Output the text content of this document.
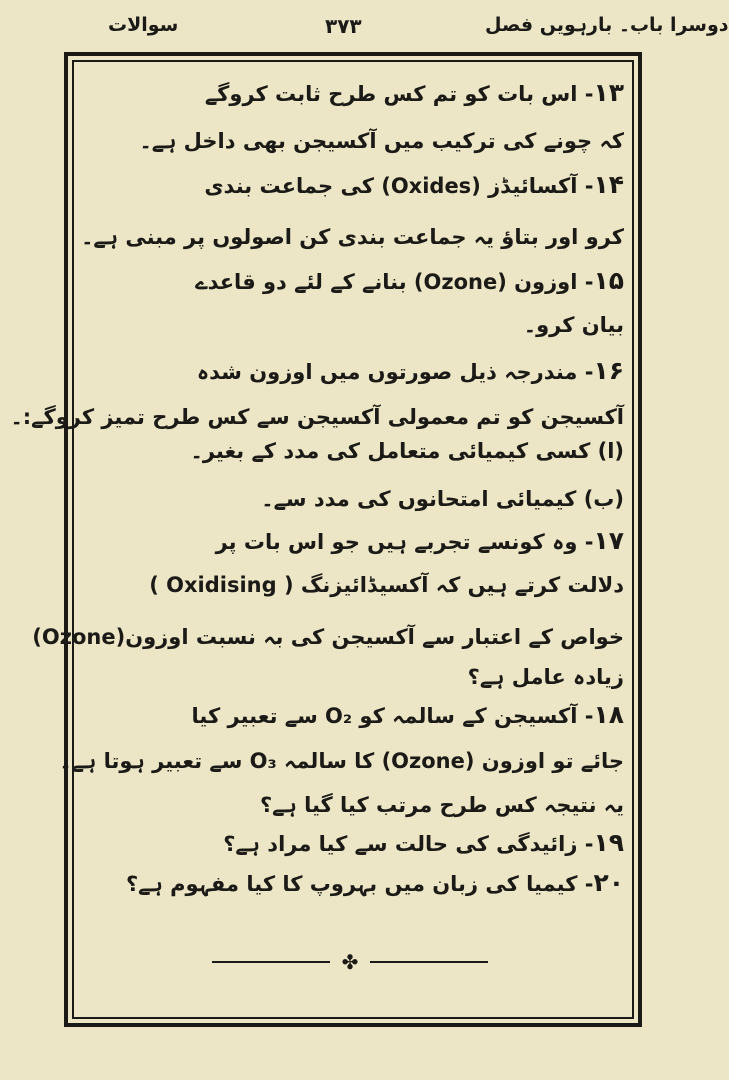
دوسرا باب۔ بارہویں فصل
۳۷۳
سوالات
۱۳- اس بات کو تم کس طرح ثابت کروگے
کہ چونے کی ترکیب میں آکسیجن بھی داخل ہے۔
۱۴- آکسائیڈز (Oxides) کی جماعت بندی
کرو اور بتاؤ یہ جماعت بندی کن اصولوں پر مبنی ہے۔
۱۵- اوزون (Ozone) بنانے کے لئے دو قاعدے
بیان کرو۔
۱۶- مندرجہ ذیل صورتوں میں اوزون شدہ
آکسیجن کو تم معمولی آکسیجن سے کس طرح تمیز کروگے:۔
(ا) کسی کیمیائی متعامل کی مدد کے بغیر۔
(ب) کیمیائی امتحانوں کی مدد سے۔
۱۷- وہ کونسے تجربے ہیں جو اس بات پر
دلالت کرتے ہیں کہ آکسیڈائیزنگ ( Oxidising )
خواص کے اعتبار سے آکسیجن کی بہ نسبت اوزون(Ozone)
زیادہ عامل ہے؟
۱۸- آکسیجن کے سالمہ کو O₂ سے تعبیر کیا
جائے تو اوزون (Ozone) کا سالمہ O₃ سے تعبیر ہوتا ہے۔
یہ نتیجہ کس طرح مرتب کیا گیا ہے؟
۱۹- زائیدگی کی حالت سے کیا مراد ہے؟
۲۰- کیمیا کی زبان میں بہروپ کا کیا مفہوم ہے؟
✤
